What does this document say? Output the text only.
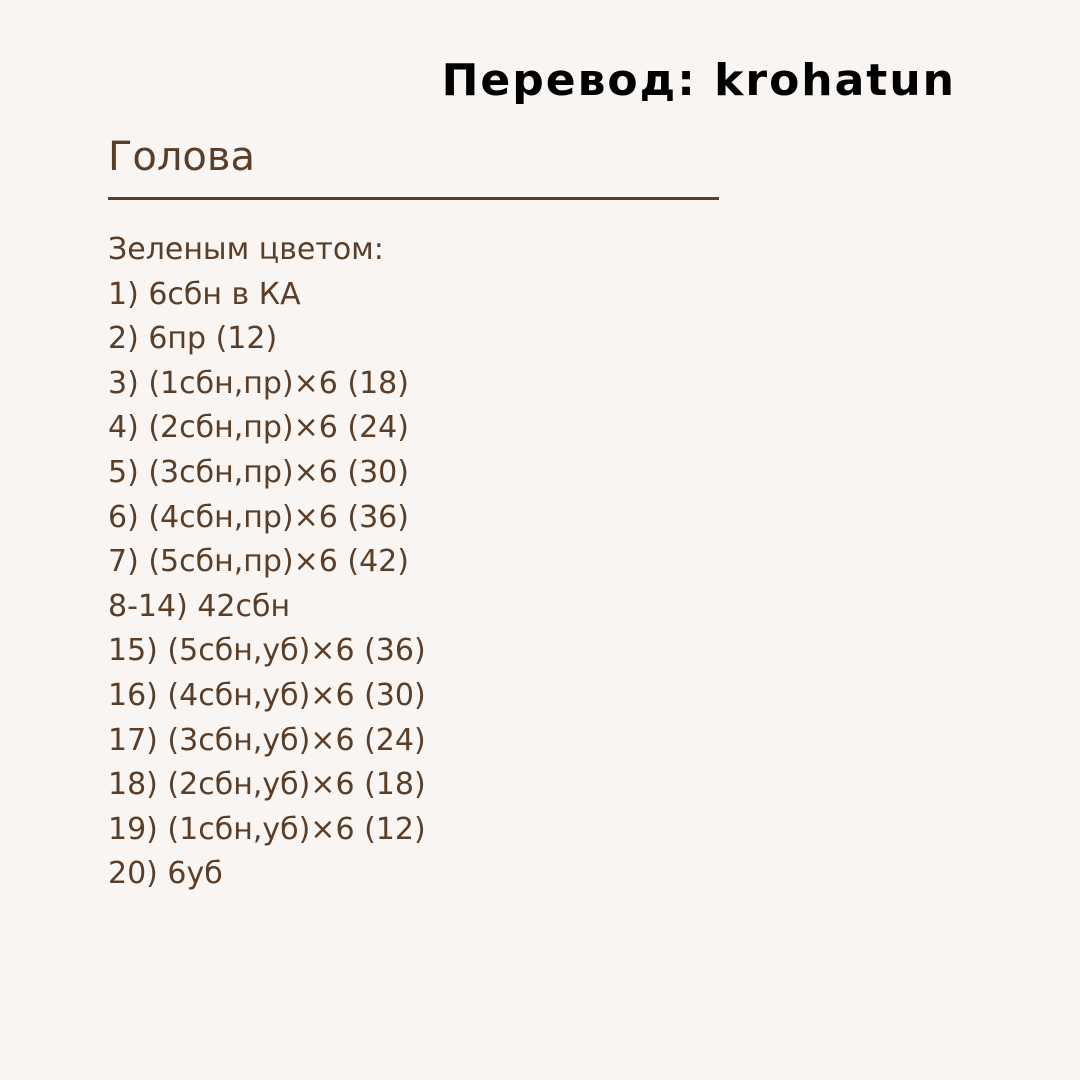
Перевод: krohatun
Голова
Зеленым цветом:
1) 6сбн в КА
2) 6пр (12)
3) (1сбн,пр)×6 (18)
4) (2сбн,пр)×6 (24)
5) (3сбн,пр)×6 (30)
6) (4сбн,пр)×6 (36)
7) (5сбн,пр)×6 (42)
8-14) 42сбн
15) (5сбн,уб)×6 (36)
16) (4сбн,уб)×6 (30)
17) (3сбн,уб)×6 (24)
18) (2сбн,уб)×6 (18)
19) (1сбн,уб)×6 (12)
20) 6уб
